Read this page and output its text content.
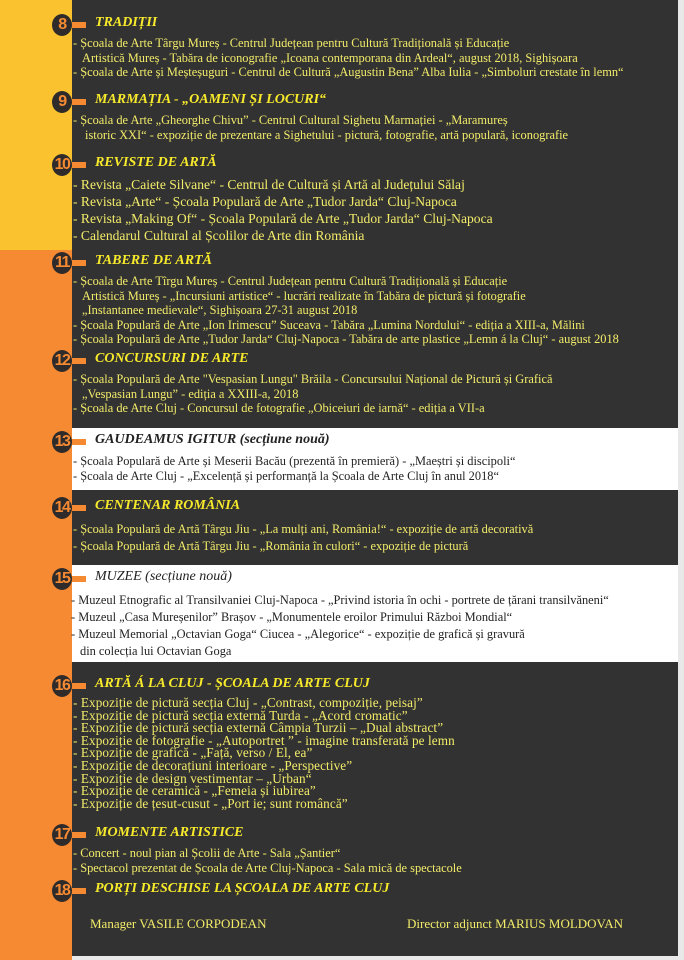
8	TRADIȚII
- Școala de Arte Târgu Mureș - Centrul Județean pentru Cultură Tradițională și Educație
Artistică Mureș - Tabăra de iconografie „Icoana contemporana din Ardeal“, august 2018, Sighișoara
- Școala de Arte și Meșteșuguri - Centrul de Cultură „Augustin Bena” Alba Iulia - „Simboluri crestate în lemn“
9	MARMAȚIA - „OAMENI ȘI LOCURI“
- Școala de Arte „Gheorghe Chivu” - Centrul Cultural Sighetu Marmației - „Maramureș
istoric XXI“ - expoziție de prezentare a Sighetului - pictură, fotografie, artă populară, iconografie
10 REVISTE DE ARTĂ
- Revista „Caiete Silvane“ - Centrul de Cultură și Artă al Județului Sălaj
- Revista „Arte“ - Școala Populară de Arte „Tudor Jarda“ Cluj-Napoca
- Revista „Making Of“ - Școala Populară de Arte „Tudor Jarda“ Cluj-Napoca
- Calendarul Cultural al Școlilor de Arte din România
11 TABERE DE ARTĂ
- Școala de Arte Tîrgu Mureș - Centrul Județean pentru Cultură Tradițională și Educație
Artistică Mureș - „Incursiuni artistice“ - lucrări realizate în Tabăra de pictură și fotografie
„Instantanee medievale“, Sighișoara 27-31 august 2018
- Școala Populară de Arte „Ion Irimescu” Suceava - Tabăra „Lumina Nordului“ - ediția a XIII-a, Mălini
- Școala Populară de Arte „Tudor Jarda“ Cluj-Napoca - Tabăra de arte plastice „Lemn á la Cluj“ - august 2018
12 CONCURSURI DE ARTE
- Școala Populară de Arte "Vespasian Lungu" Brăila - Concursului Național de Pictură și Grafică
„Vespasian Lungu” - ediția a XXIII-a, 2018
- Școala de Arte Cluj - Concursul de fotografie „Obiceiuri de iarnă“ - ediția a VII-a
13 GAUDEAMUS IGITUR (secțiune nouă)
- Școala Populară de Arte și Meserii Bacău (prezentă în premieră) - „Maeștri și discipoli“
- Școala de Arte Cluj - „Excelență și performanță la Școala de Arte Cluj în anul 2018“
14 CENTENAR ROMÂNIA
- Școala Populară de Artă Târgu Jiu - „La mulți ani, România!“ - expoziție de artă decorativă
- Școala Populară de Artă Târgu Jiu - „România în culori“ - expoziție de pictură
15 MUZEE (secțiune nouă)
- Muzeul Etnografic al Transilvaniei Cluj-Napoca - „Privind istoria în ochi - portrete de țărani transilvăneni“
- Muzeul „Casa Mureșenilor” Brașov - „Monumentele eroilor Primului Război Mondial“
- Muzeul Memorial „Octavian Goga“ Ciucea - „Alegorice“ - expoziție de grafică și gravură
din colecția lui Octavian Goga
16 ARTĂ Á LA CLUJ - ȘCOALA DE ARTE CLUJ
- Expoziție de pictură secția Cluj - „Contrast, compoziție, peisaj”
- Expoziție de pictură secția externă Turda - „Acord cromatic”
- Expoziție de pictură secția externă Câmpia Turzii – „Dual abstract”
- Expoziție de fotografie - „Autoportret ” - imagine transferată pe lemn
- Expoziție de grafică - „Față, verso / El, ea”
- Expoziție de decorațiuni interioare - „Perspective”
- Expoziție de design vestimentar – „Urban“
- Expoziție de ceramică - „Femeia și iubirea”
- Expoziție de țesut-cusut - „Port ie; sunt româncă”
17 MOMENTE ARTISTICE
- Concert - noul pian al Școlii de Arte - Sala „Șantier“
- Spectacol prezentat de Școala de Arte Cluj-Napoca - Sala mică de spectacole
18 PORȚI DESCHISE LA ȘCOALA DE ARTE CLUJ
Manager VASILE CORPODEAN	Director adjunct MARIUS MOLDOVAN
